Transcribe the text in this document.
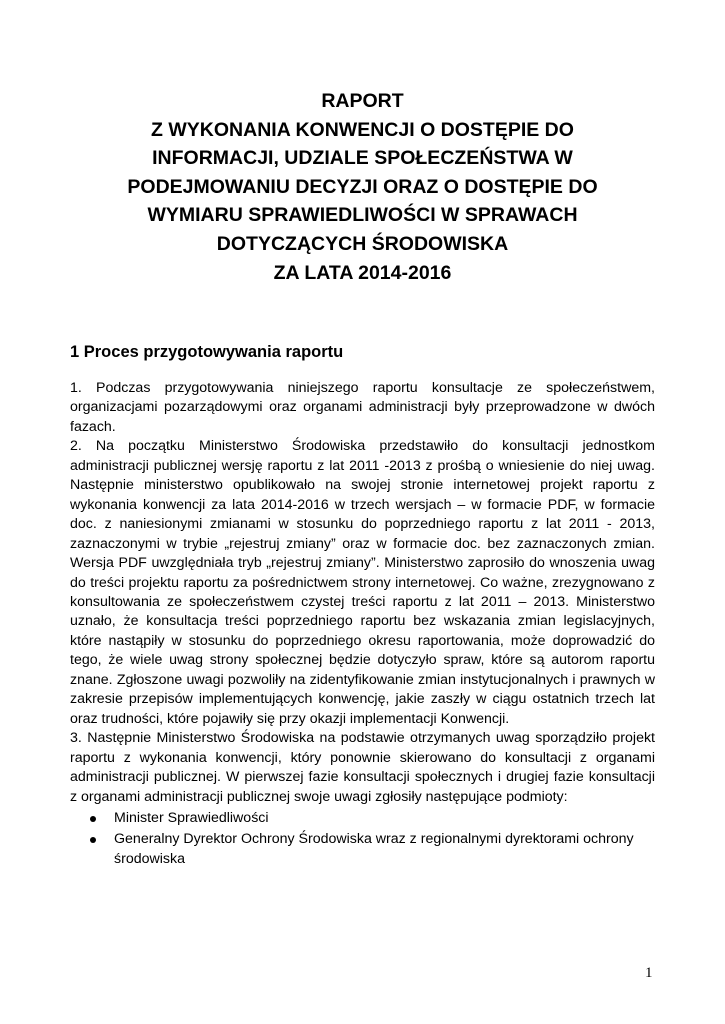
RAPORT
Z WYKONANIA KONWENCJI O DOSTĘPIE DO
INFORMACJI, UDZIALE SPOŁECZEŃSTWA W
PODEJMOWANIU DECYZJI ORAZ O DOSTĘPIE DO
WYMIARU SPRAWIEDLIWOŚCI W SPRAWACH
DOTYCZĄCYCH ŚRODOWISKA
ZA LATA 2014-2016
1 Proces przygotowywania raportu

1. Podczas przygotowywania niniejszego raportu konsultacje ze społeczeństwem, organizacjami pozarządowymi oraz organami administracji były przeprowadzone w dwóch fazach.

2. Na początku Ministerstwo Środowiska przedstawiło do konsultacji jednostkom administracji publicznej wersję raportu z lat 2011 -2013 z prośbą o wniesienie do niej uwag. Następnie ministerstwo opublikowało na swojej stronie internetowej projekt raportu z wykonania konwencji za lata 2014-2016 w trzech wersjach – w formacie PDF, w formacie doc. z naniesionymi zmianami w stosunku do poprzedniego raportu z lat 2011 - 2013, zaznaczonymi w trybie „rejestruj zmiany” oraz w formacie doc. bez zaznaczonych zmian. Wersja PDF uwzględniała tryb „rejestruj zmiany”. Ministerstwo zaprosiło do wnoszenia uwag do treści projektu raportu za pośrednictwem strony internetowej. Co ważne, zrezygnowano z konsultowania ze społeczeństwem czystej treści raportu z lat 2011 – 2013. Ministerstwo uznało, że konsultacja treści poprzedniego raportu bez wskazania zmian legislacyjnych, które nastąpiły w stosunku do poprzedniego okresu raportowania, może doprowadzić do tego, że wiele uwag strony społecznej będzie dotyczyło spraw, które są autorom raportu znane. Zgłoszone uwagi pozwoliły na zidentyfikowanie zmian instytucjonalnych i prawnych w zakresie przepisów implementujących konwencję, jakie zaszły w ciągu ostatnich trzech lat oraz trudności, które pojawiły się przy okazji implementacji Konwencji.

3. Następnie Ministerstwo Środowiska na podstawie otrzymanych uwag sporządziło projekt raportu z wykonania konwencji, który ponownie skierowano do konsultacji z organami administracji publicznej. W pierwszej fazie konsultacji społecznych i drugiej fazie konsultacji z organami administracji publicznej swoje uwagi zgłosiły następujące podmioty:

Minister Sprawiedliwości
Generalny Dyrektor Ochrony Środowiska wraz z regionalnymi dyrektorami ochrony środowiska
1
